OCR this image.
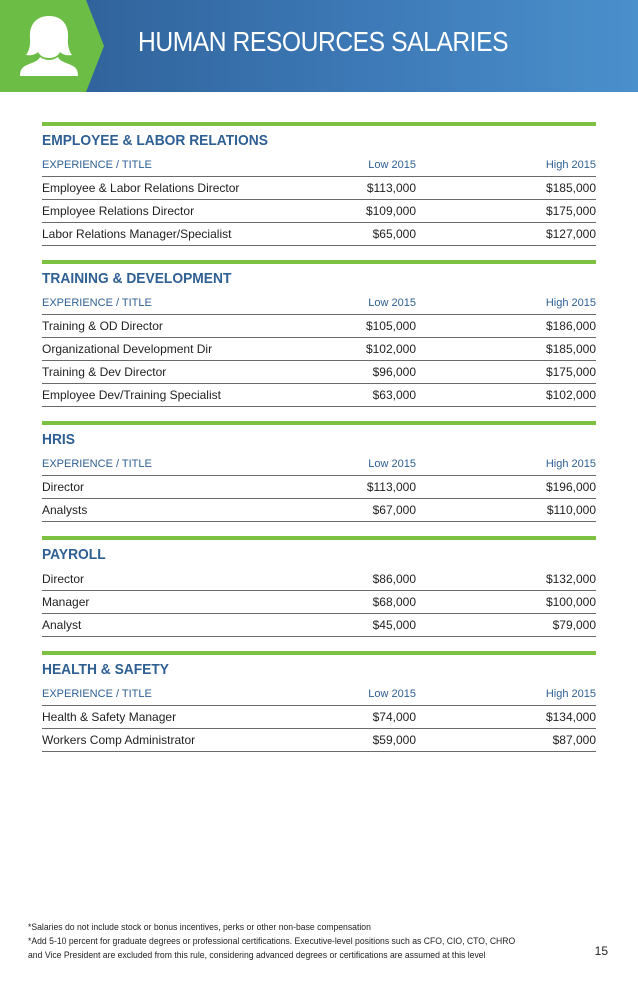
HUMAN RESOURCES SALARIES
EMPLOYEE & LABOR RELATIONS
EXPERIENCE / TITLE	Low 2015	High 2015
Employee & Labor Relations Director	$113,000	$185,000
Employee Relations Director	$109,000	$175,000
Labor Relations Manager/Specialist	$65,000	$127,000
TRAINING & DEVELOPMENT
EXPERIENCE / TITLE	Low 2015	High 2015
Training & OD Director	$105,000	$186,000
Organizational Development Dir	$102,000	$185,000
Training & Dev Director	$96,000	$175,000
Employee Dev/Training Specialist	$63,000	$102,000
HRIS
EXPERIENCE / TITLE	Low 2015	High 2015
Director	$113,000	$196,000
Analysts	$67,000	$110,000
PAYROLL
Director	$86,000	$132,000
Manager	$68,000	$100,000
Analyst	$45,000	$79,000
HEALTH & SAFETY
EXPERIENCE / TITLE	Low 2015	High 2015
Health & Safety Manager	$74,000	$134,000
Workers Comp Administrator	$59,000	$87,000
*Salaries do not include stock or bonus incentives, perks or other non-base compensation
*Add 5-10 percent for graduate degrees or professional certifications. Executive-level positions such as CFO, CIO, CTO, CHRO
and Vice President are excluded from this rule, considering advanced degrees or certifications are assumed at this level	15
